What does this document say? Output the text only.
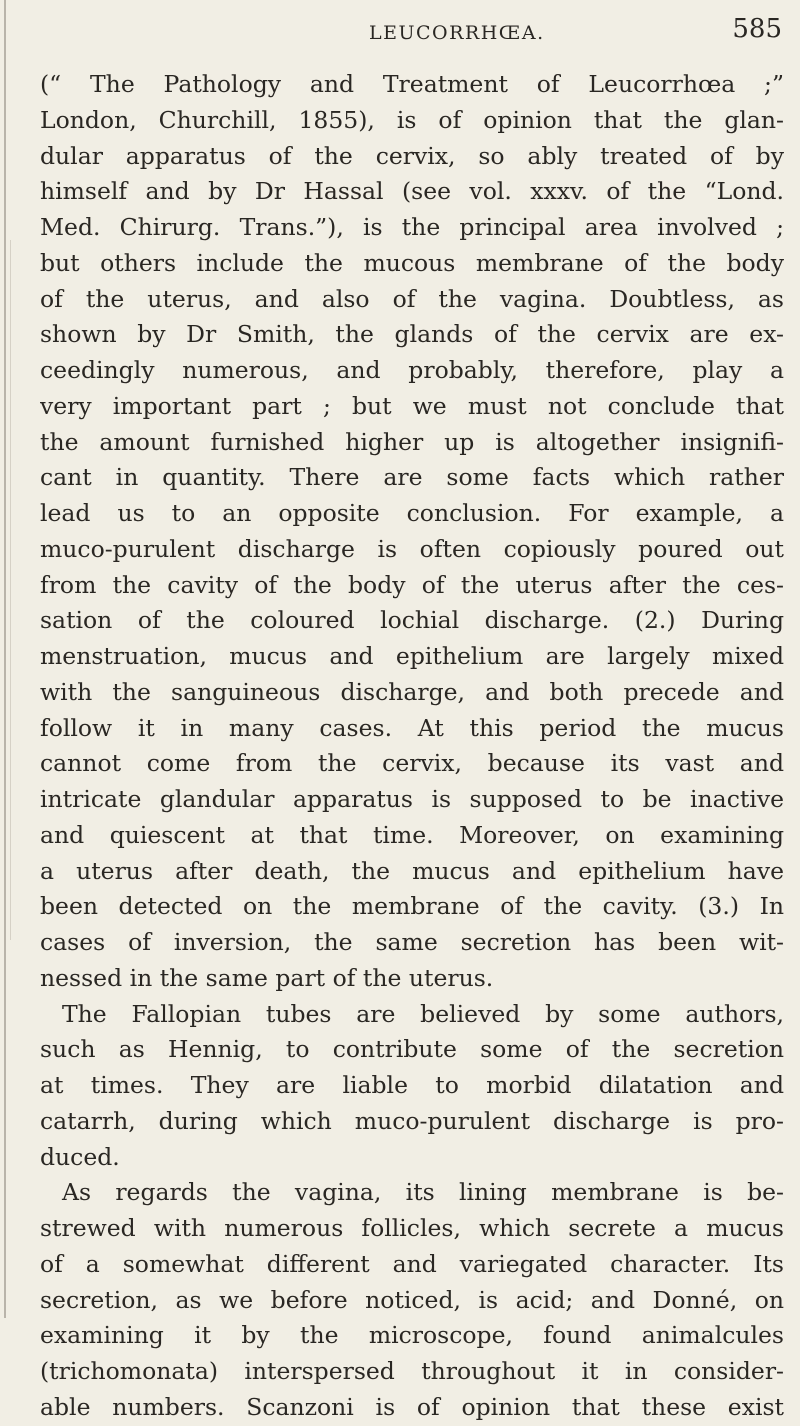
LEUCORRHŒA.	585
(“ The Pathology and Treatment of Leucorrhœa ;”
London, Churchill, 1855), is of opinion that the glan-
dular apparatus of the cervix, so ably treated of by
himself and by Dr Hassal (see vol. xxxv. of the “Lond.
Med. Chirurg. Trans.”), is the principal area involved ;
but others include the mucous membrane of the body
of the uterus, and also of the vagina. Doubtless, as
shown by Dr Smith, the glands of the cervix are ex-
ceedingly numerous, and probably, therefore, play a
very important part ; but we must not conclude that
the amount furnished higher up is altogether insignifi-
cant in quantity. There are some facts which rather
lead us to an opposite conclusion. For example, a
muco-purulent discharge is often copiously poured out
from the cavity of the body of the uterus after the ces-
sation of the coloured lochial discharge. (2.) During
menstruation, mucus and epithelium are largely mixed
with the sanguineous discharge, and both precede and
follow it in many cases. At this period the mucus
cannot come from the cervix, because its vast and
intricate glandular apparatus is supposed to be inactive
and quiescent at that time. Moreover, on examining
a uterus after death, the mucus and epithelium have
been detected on the membrane of the cavity. (3.) In
cases of inversion, the same secretion has been wit-
nessed in the same part of the uterus.
The Fallopian tubes are believed by some authors,
such as Hennig, to contribute some of the secretion
at times. They are liable to morbid dilatation and
catarrh, during which muco-purulent discharge is pro-
duced.
As regards the vagina, its lining membrane is be-
strewed with numerous follicles, which secrete a mucus
of a somewhat different and variegated character. Its
secretion, as we before noticed, is acid; and Donné, on
examining it by the microscope, found animalcules
(trichomonata) interspersed throughout it in consider-
able numbers. Scanzoni is of opinion that these exist
